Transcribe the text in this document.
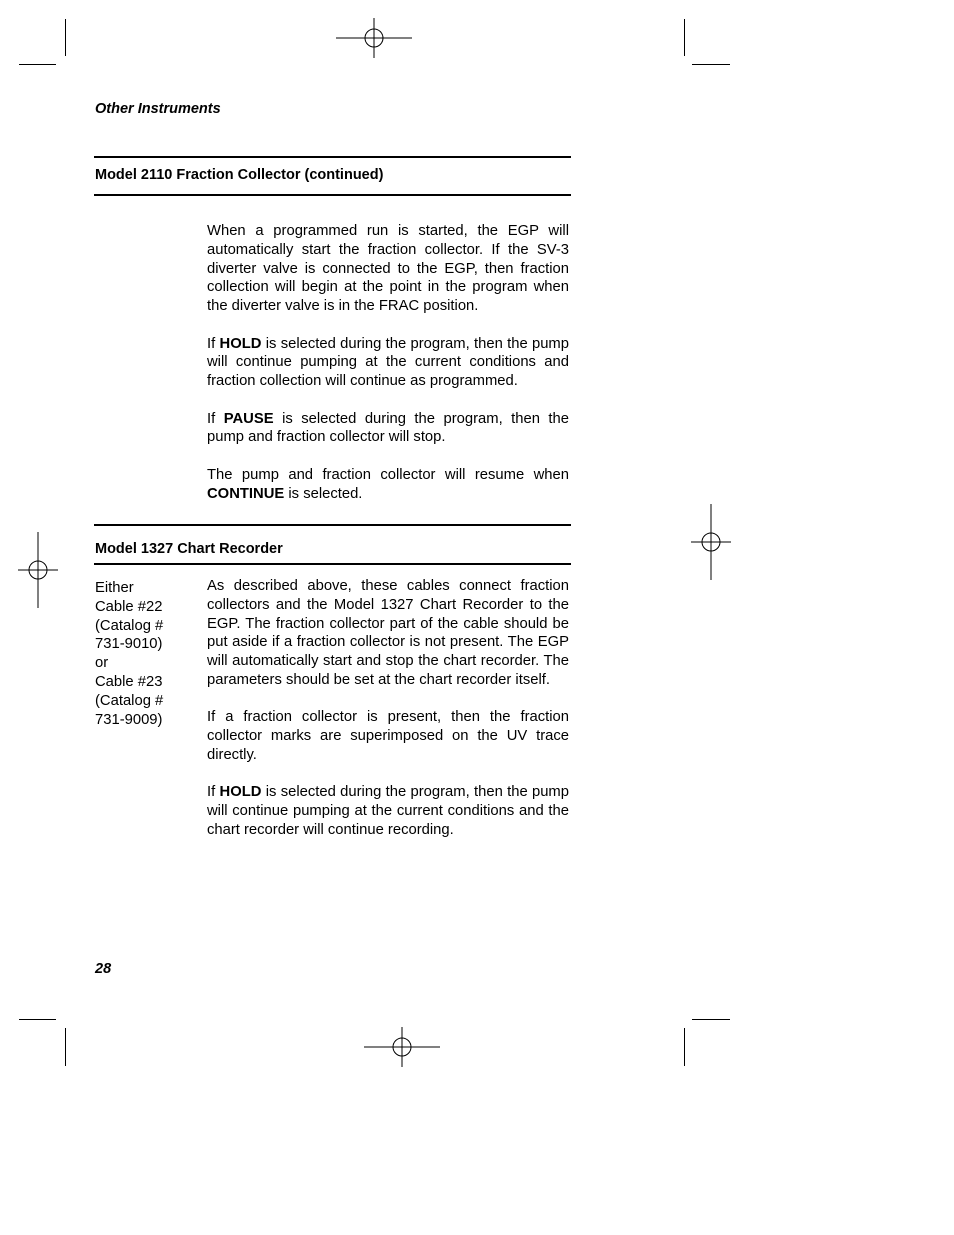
Other Instruments
Model 2110 Fraction Collector (continued)

When a programmed run is started, the EGP will automatically start the fraction collector. If the SV-3 diverter valve is connected to the EGP, then fraction collection will begin at the point in the program when the diverter valve is in the FRAC position.

If HOLD is selected during the program, then the pump will continue pumping at the current conditions and fraction collection will continue as programmed.

If PAUSE is selected during the program, then the pump and fraction collector will stop.

The pump and fraction collector will resume when CONTINUE is selected.

Model 1327 Chart Recorder
Either
Cable #22
(Catalog #
731-9010)
or
Cable #23
(Catalog #
731-9009)

As described above, these cables connect fraction collectors and the Model 1327 Chart Recorder to the EGP. The fraction collector part of the cable should be put aside if a fraction collector is not present. The EGP will automatically start and stop the chart recorder. The parameters should be set at the chart recorder itself.

If a fraction collector is present, then the fraction collector marks are superimposed on the UV trace directly.

If HOLD is selected during the program, then the pump will continue pumping at the current conditions and the chart recorder will continue recording.

28
